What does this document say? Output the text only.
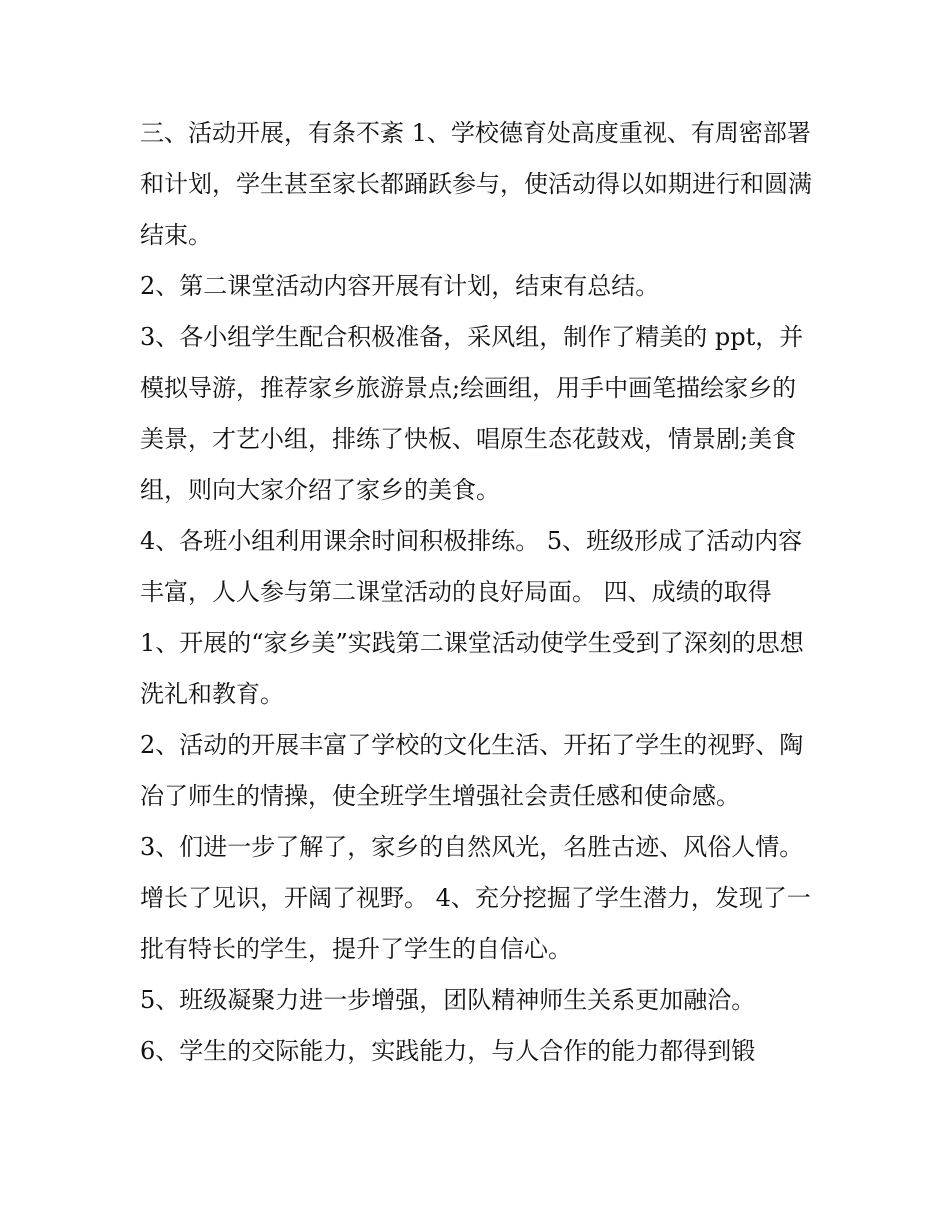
三、活动开展，有条不紊 1、学校德育处高度重视、有周密部署和计划，学生甚至家长都踊跃参与，使活动得以如期进行和圆满结束。

2、第二课堂活动内容开展有计划，结束有总结。

3、各小组学生配合积极准备，采风组，制作了精美的 ppt，并模拟导游，推荐家乡旅游景点;绘画组，用手中画笔描绘家乡的美景，才艺小组，排练了快板、唱原生态花鼓戏，情景剧;美食组，则向大家介绍了家乡的美食。

4、各班小组利用课余时间积极排练。 5、班级形成了活动内容丰富，人人参与第二课堂活动的良好局面。 四、成绩的取得

1、开展的“家乡美”实践第二课堂活动使学生受到了深刻的思想洗礼和教育。

2、活动的开展丰富了学校的文化生活、开拓了学生的视野、陶冶了师生的情操，使全班学生增强社会责任感和使命感。

3、们进一步了解了，家乡的自然风光，名胜古迹、风俗人情。增长了见识，开阔了视野。 4、充分挖掘了学生潜力，发现了一批有特长的学生，提升了学生的自信心。

5、班级凝聚力进一步增强，团队精神师生关系更加融洽。

6、学生的交际能力，实践能力，与人合作的能力都得到锻
